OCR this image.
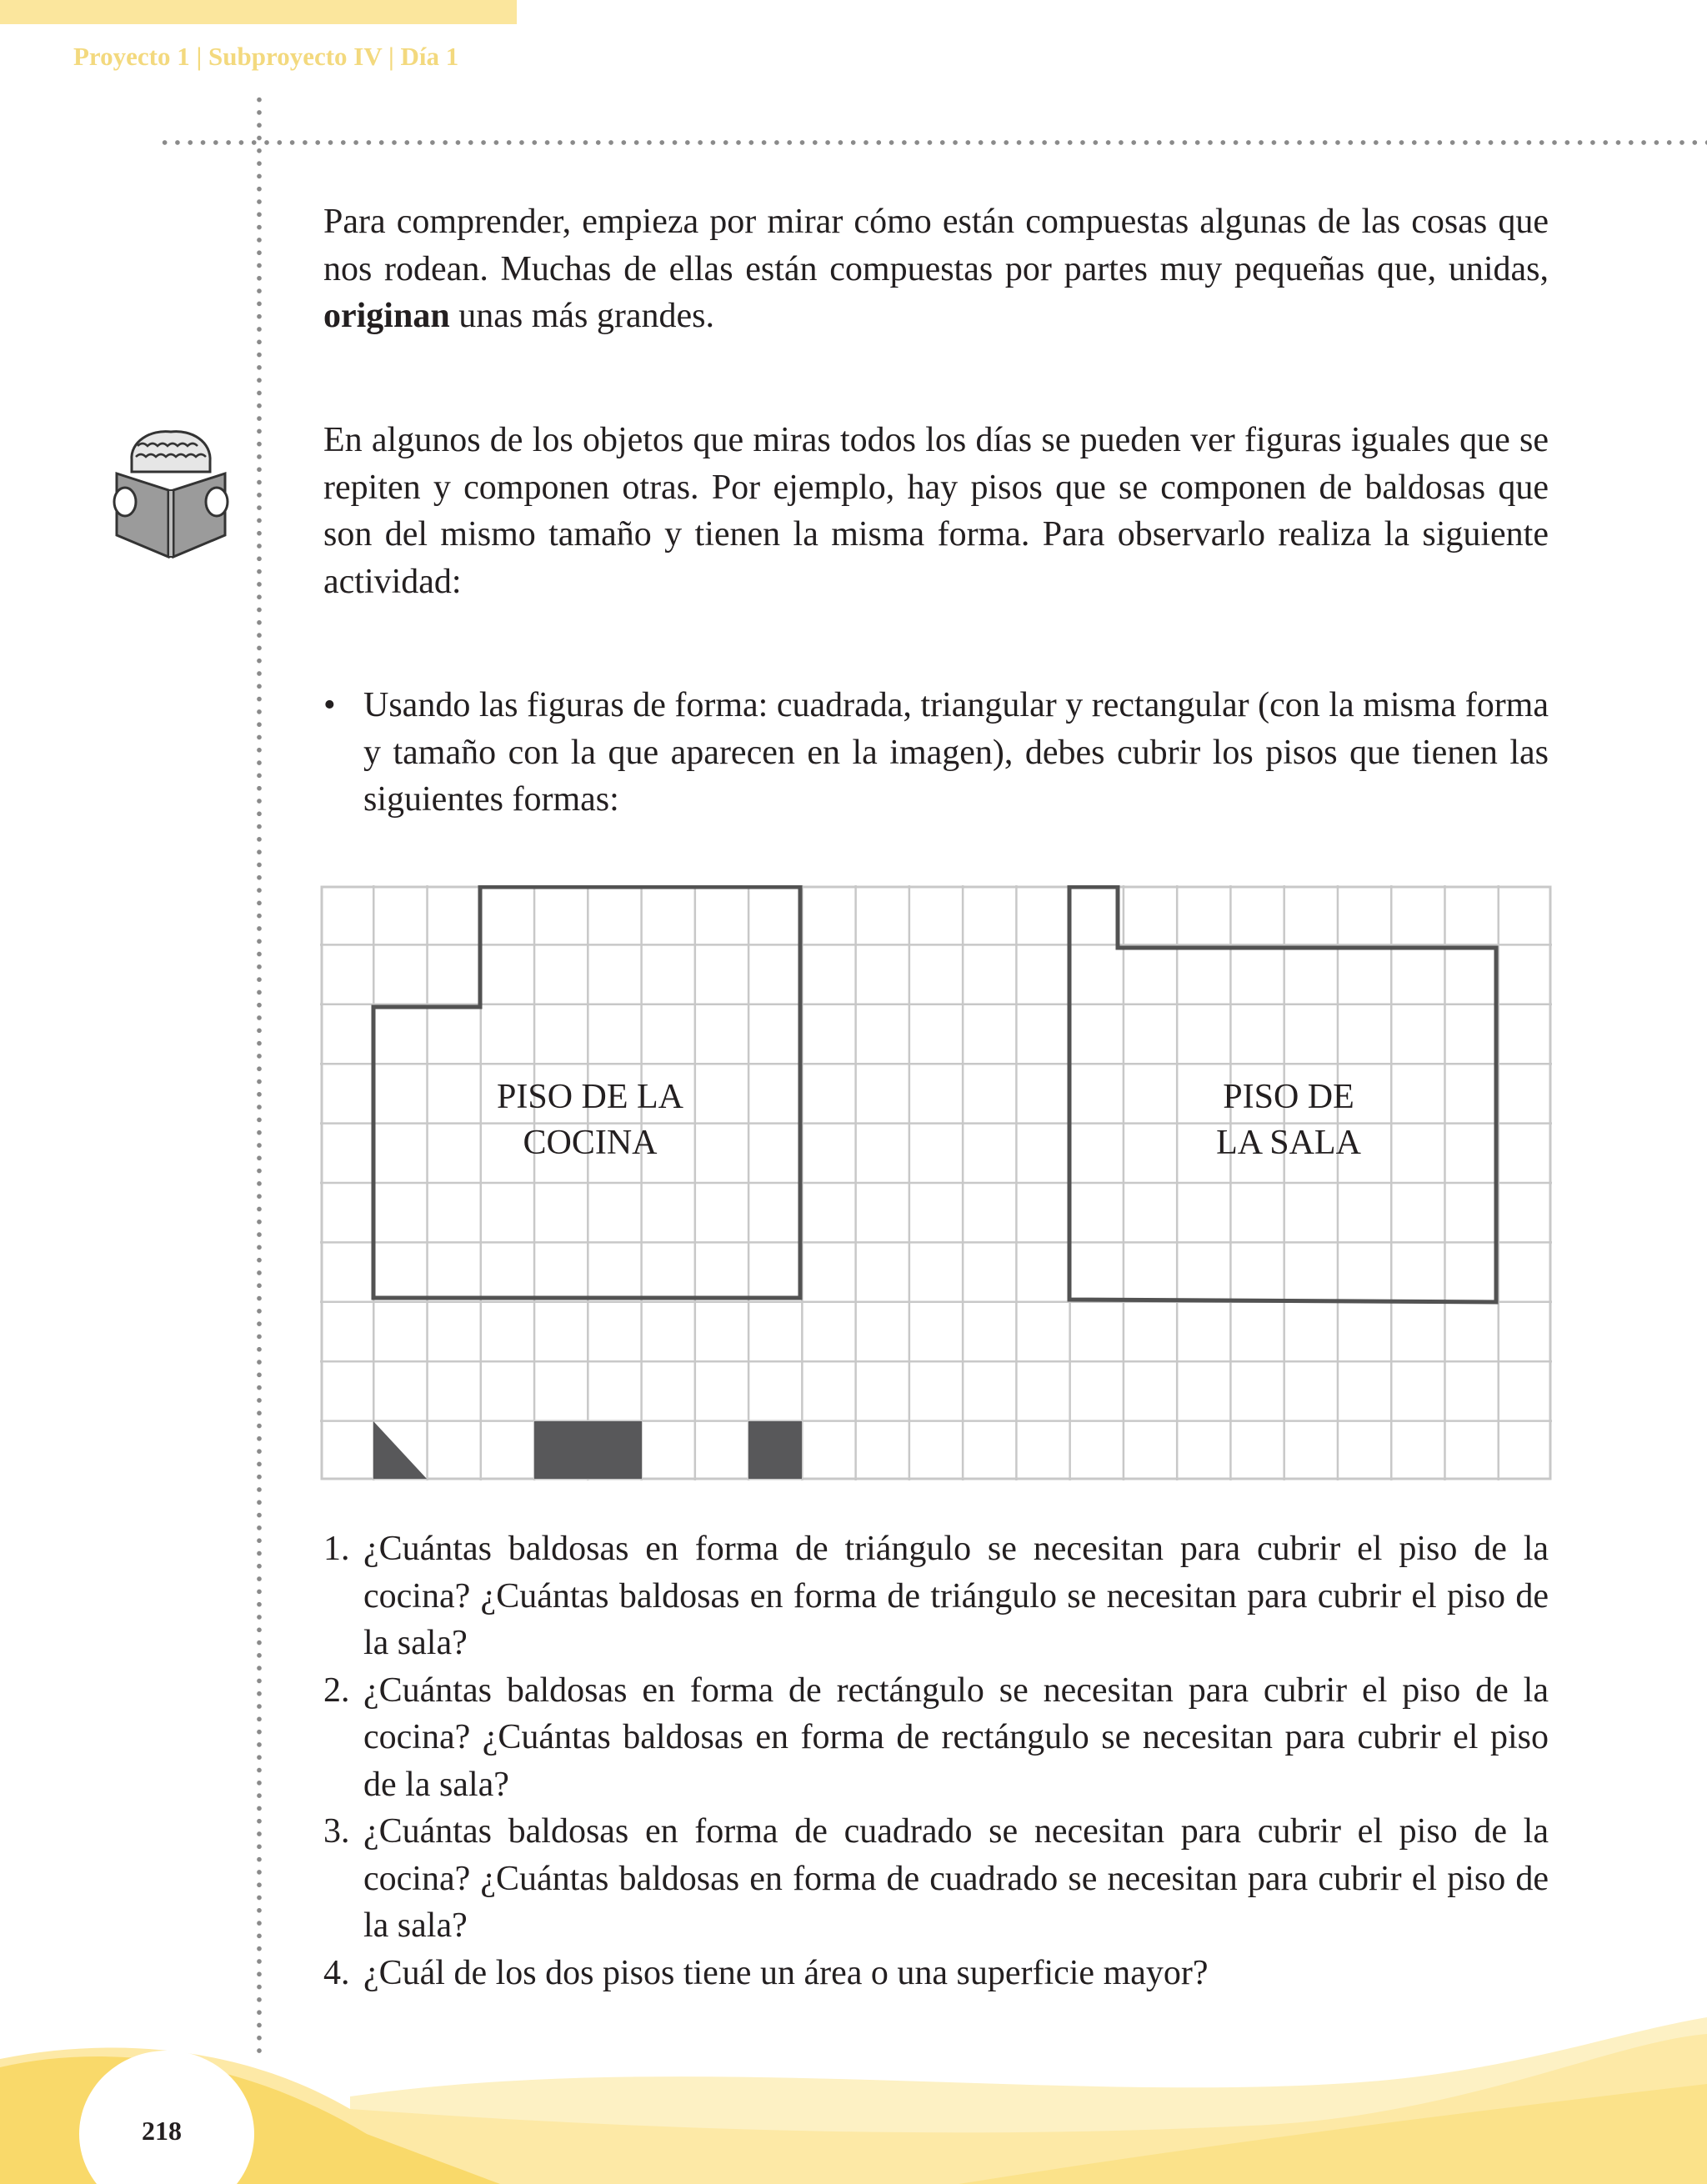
Proyecto 1 | Subproyecto IV | Día 1

Para comprender, empieza por mirar cómo están compuestas algunas de las cosas que nos rodean. Muchas de ellas están compuestas por partes muy pequeñas que, unidas, originan unas más grandes.

En algunos de los objetos que miras todos los días se pueden ver figuras iguales que se repiten y componen otras. Por ejemplo, hay pisos que se componen de baldosas que son del mismo tamaño y tienen la misma forma. Para observarlo realiza la siguiente actividad:

• Usando las figuras de forma: cuadrada, triangular y rectangular (con la misma forma y tamaño con la que aparecen en la imagen), debes cubrir los pisos que tienen las siguientes formas:
PISO DE LA
COCINA
PISO DE
LA SALA
1. ¿Cuántas baldosas en forma de triángulo se necesitan para cubrir el piso de la cocina? ¿Cuántas baldosas en forma de triángulo se necesitan para cubrir el piso de la sala?
2. ¿Cuántas baldosas en forma de rectángulo se necesitan para cubrir el piso de la cocina? ¿Cuántas baldosas en forma de rectángulo se necesitan para cubrir el piso de la sala?
3. ¿Cuántas baldosas en forma de cuadrado se necesitan para cubrir el piso de la cocina? ¿Cuántas baldosas en forma de cuadrado se necesitan para cubrir el piso de la sala?
4. ¿Cuál de los dos pisos tiene un área o una superficie mayor?
218
